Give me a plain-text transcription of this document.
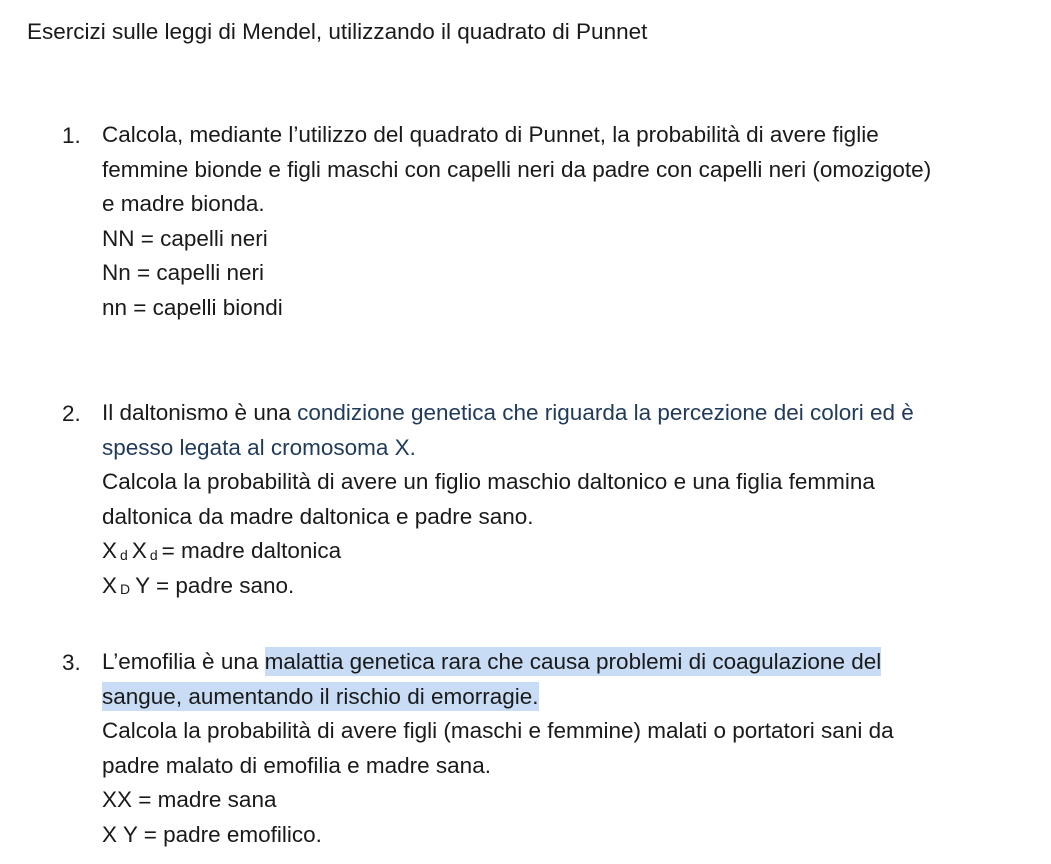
Esercizi sulle leggi di Mendel, utilizzando il quadrato di Punnet
1. Calcola, mediante l’utilizzo del quadrato di Punnet, la probabilità di avere figlie
femmine bionde e figli maschi con capelli neri da padre con capelli neri (omozigote)
e madre bionda.
NN = capelli neri
Nn = capelli neri
nn = capelli biondi
2. Il daltonismo è una condizione genetica che riguarda la percezione dei colori ed è
spesso legata al cromosoma X.
Calcola la probabilità di avere un figlio maschio daltonico e una figlia femmina
daltonica da madre daltonica e padre sano.
Xd X d = madre daltonica
X D Y = padre sano.
3. L’emofilia è una malattia genetica rara che causa problemi di coagulazione del
sangue, aumentando il rischio di emorragie.
Calcola la probabilità di avere figli (maschi e femmine) malati o portatori sani da
padre malato di emofilia e madre sana.
XX = madre sana
X Y = padre emofilico.
